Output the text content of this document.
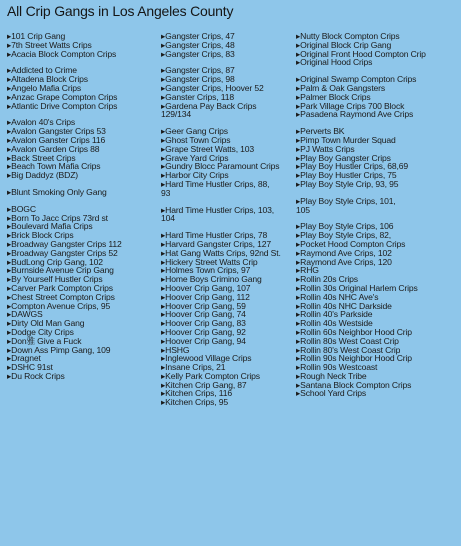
All Crip Gangs in Los Angeles County
▸101 Crip Gang
▸7th Street Watts Crips
▸Acacia Block Compton Crips
▸Addicted to Crime
▸Altadena Block Crips
▸Angelo Mafia Crips
▸Anzac Grape Compton Crips
▸Atlantic Drive Compton Crips
▸Avalon 40's Crips
▸Avalon Gangster Crips 53
▸Avalon Ganster Crips 116
▸Avalon Garden Crips 88
▸Back Street Crips
▸Beach Town Mafia Crips
▸Big Daddyz (BDZ)
▸Blunt Smoking Only Gang
▸BOGC
▸Born To Jacc Crips 73rd st
▸Boulevard Mafia Crips
▸Brick Block Crips
▸Broadway Gangster Crips 112
▸Broadway Gangster Crips 52
▸BudLong Crip Gang, 102
▸Burnside Avenue Crip Gang
▸By Yourself Hustler Crips
▸Carver Park Compton Crips
▸Chest Street Compton Crips
▸Compton Avenue Crips, 95
▸DAWGS
▸Dirty Old Man Gang
▸Dodge City Crips
▸Don雅 Give a Fuck
▸Down Ass Pimp Gang, 109
▸Dragnet
▸DSHC 91st
▸Du Rock Crips
▸Gangster Crips, 47
▸Gangster Crips, 48
▸Gangster Crips, 83
▸Gangster Crips, 87
▸Gangster Crips, 98
▸Gangster Crips, Hoover 52
▸Ganster Crips, 118
▸Gardena Pay Back Crips
129/134
▸Geer Gang Crips
▸Ghost Town Crips
▸Grape Street Watts, 103
▸Grave Yard Crips
▸Gundry Blocc Paramount Crips
▸Harbor City Crips
▸Hard Time Hustler Crips, 88,
93
▸Hard Time Hustler Crips, 103,
104
▸Hard Time Hustler Crips, 78
▸Harvard Gangster Crips, 127
▸Hat Gang Watts Crips, 92nd St.
▸Hickery Street Watts Crip
▸Holmes Town Crips, 97
▸Home Boys Crimino Gang
▸Hoover Crip Gang, 107
▸Hoover Crip Gang, 112
▸Hoover Crip Gang, 59
▸Hoover Crip Gang, 74
▸Hoover Crip Gang, 83
▸Hoover Crip Gang, 92
▸Hoover Crip Gang, 94
▸HSHG
▸Inglewood Village Crips
▸Insane Crips, 21
▸Kelly Park Compton Crips
▸Kitchen Crip Gang, 87
▸Kitchen Crips, 116
▸Kitchen Crips, 95
▸Nutty Block Compton Crips
▸Original Block Crip Gang
▸Original Front Hood Compton Crip
▸Original Hood Crips
▸Original Swamp Compton Crips
▸Palm & Oak Gangsters
▸Palmer Block Crips
▸Park Village Crips 700 Block
▸Pasadena Raymond Ave Crips
▸Perverts BK
▸Pimp Town Murder Squad
▸PJ Watts Crips
▸Play Boy Gangster Crips
▸Play Boy Hustler Crips, 68,69
▸Play Boy Hustler Crips, 75
▸Play Boy Style Crip, 93, 95
▸Play Boy Style Crips, 101,
105
▸Play Boy Style Crips, 106
▸Play Boy Style Crips, 82,
▸Pocket Hood Compton Crips
▸Raymond Ave Crips, 102
▸Raymond Ave Crips, 120
▸RHG
▸Rollin 20s Crips
▸Rollin 30s Original Harlem Crips
▸Rollin 40s NHC Ave's
▸Rollin 40s NHC Darkside
▸Rollin 40's Parkside
▸Rollin 40s Westside
▸Rollin 60s Neighbor Hood Crip
▸Rollin 80s West Coast Crip
▸Rollin 80's West Coast Crip
▸Rollin 90s Neighbor Hood Crip
▸Rollin 90s Westcoast
▸Rough Neck Tribe
▸Santana Block Compton Crips
▸School Yard Crips
